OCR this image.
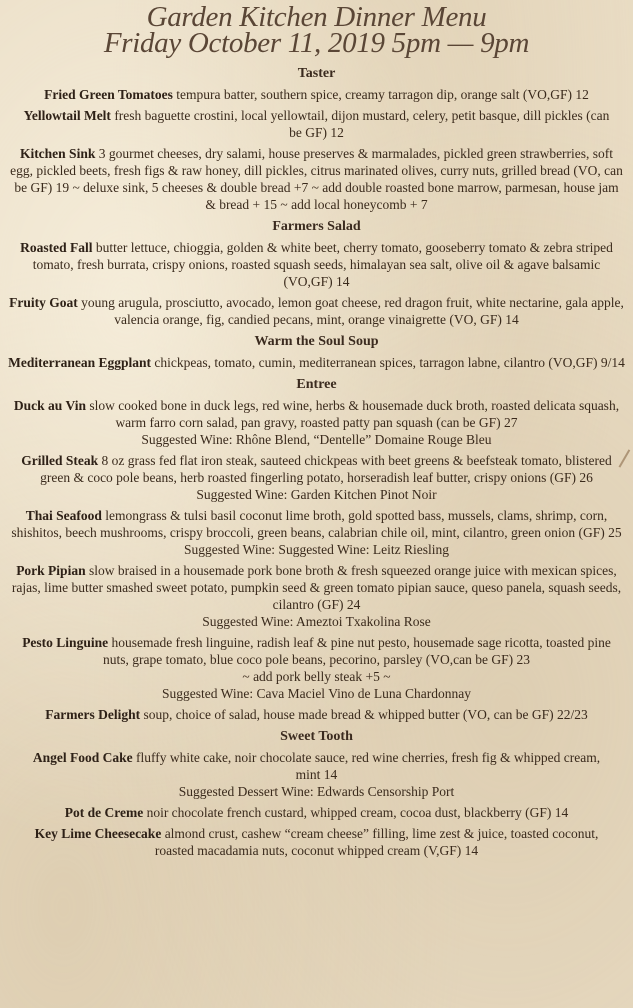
Garden Kitchen Dinner Menu
Friday October 11, 2019 5pm — 9pm
Taster
Fried Green Tomatoes tempura batter, southern spice, creamy tarragon dip, orange salt (VO,GF) 12
Yellowtail Melt fresh baguette crostini, local yellowtail, dijon mustard, celery, petit basque, dill pickles (can be GF) 12
Kitchen Sink 3 gourmet cheeses, dry salami, house preserves & marmalades, pickled green strawberries, soft egg, pickled beets, fresh figs & raw honey, dill pickles, citrus marinated olives, curry nuts, grilled bread (VO, can be GF) 19 ~ deluxe sink, 5 cheeses & double bread +7 ~ add double roasted bone marrow, parmesan, house jam & bread + 15 ~ add local honeycomb + 7
Farmers Salad
Roasted Fall butter lettuce, chioggia, golden & white beet, cherry tomato, gooseberry tomato & zebra striped tomato, fresh burrata, crispy onions, roasted squash seeds, himalayan sea salt, olive oil & agave balsamic (VO,GF) 14
Fruity Goat young arugula, prosciutto, avocado, lemon goat cheese, red dragon fruit, white nectarine, gala apple, valencia orange, fig, candied pecans, mint, orange vinaigrette (VO, GF) 14
Warm the Soul Soup
Mediterranean Eggplant chickpeas, tomato, cumin, mediterranean spices, tarragon labne, cilantro (VO,GF) 9/14
Entree
Duck au Vin slow cooked bone in duck legs, red wine, herbs & housemade duck broth, roasted delicata squash, warm farro corn salad, pan gravy, roasted patty pan squash (can be GF) 27
Suggested Wine: Rhône Blend, “Dentelle” Domaine Rouge Bleu
Grilled Steak 8 oz grass fed flat iron steak, sauteed chickpeas with beet greens & beefsteak tomato, blistered green & coco pole beans, herb roasted fingerling potato, horseradish leaf butter, crispy onions (GF) 26
Suggested Wine: Garden Kitchen Pinot Noir
Thai Seafood lemongrass & tulsi basil coconut lime broth, gold spotted bass, mussels, clams, shrimp, corn, shishitos, beech mushrooms, crispy broccoli, green beans, calabrian chile oil, mint, cilantro, green onion (GF) 25
Suggested Wine: Suggested Wine: Leitz Riesling
Pork Pipian slow braised in a housemade pork bone broth & fresh squeezed orange juice with mexican spices, rajas, lime butter smashed sweet potato, pumpkin seed & green tomato pipian sauce, queso panela, squash seeds, cilantro (GF) 24
Suggested Wine: Ameztoi Txakolina Rose
Pesto Linguine housemade fresh linguine, radish leaf & pine nut pesto, housemade sage ricotta, toasted pine nuts, grape tomato, blue coco pole beans, pecorino, parsley (VO,can be GF) 23
~ add pork belly steak +5 ~
Suggested Wine: Cava Maciel Vino de Luna Chardonnay
Farmers Delight soup, choice of salad, house made bread & whipped butter (VO, can be GF) 22/23
Sweet Tooth
Angel Food Cake fluffy white cake, noir chocolate sauce, red wine cherries, fresh fig & whipped cream, mint 14
Suggested Dessert Wine: Edwards Censorship Port
Pot de Creme noir chocolate french custard, whipped cream, cocoa dust, blackberry (GF) 14
Key Lime Cheesecake almond crust, cashew “cream cheese” filling, lime zest & juice, toasted coconut, roasted macadamia nuts, coconut whipped cream (V,GF) 14
